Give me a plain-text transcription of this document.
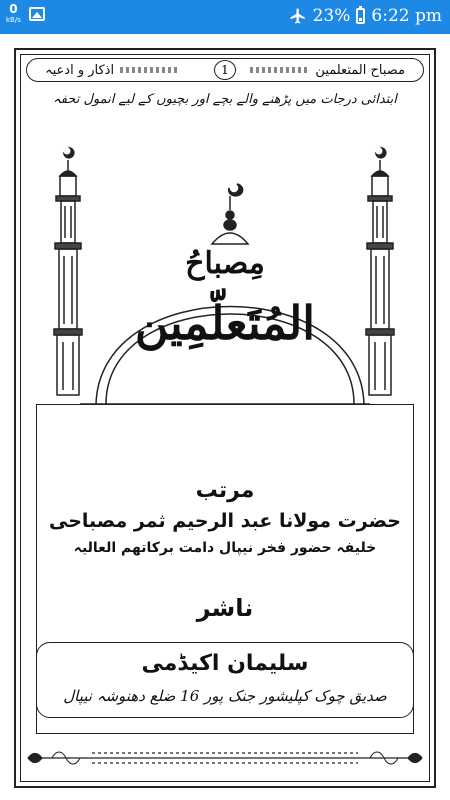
0
kB/s	23% 6:22 pm
اذکار و ادعیہ	مصباح المتعلمین
1
ابتدائی درجات میں پڑھنے والے بچے اور بچیوں کے لیے انمول تحفہ
مِصباحُ
المُتَعلّمِین
مرتب
حضرت مولانا عبد الرحیم ثمر مصباحی
خلیفہ حضور فخر نیپال دامت برکاتھم العالیہ
ناشر
سلیمان اکیڈمی
صدیق چوک کپلیشور جنک پور 16 ضلع دھنوشہ نیپال
